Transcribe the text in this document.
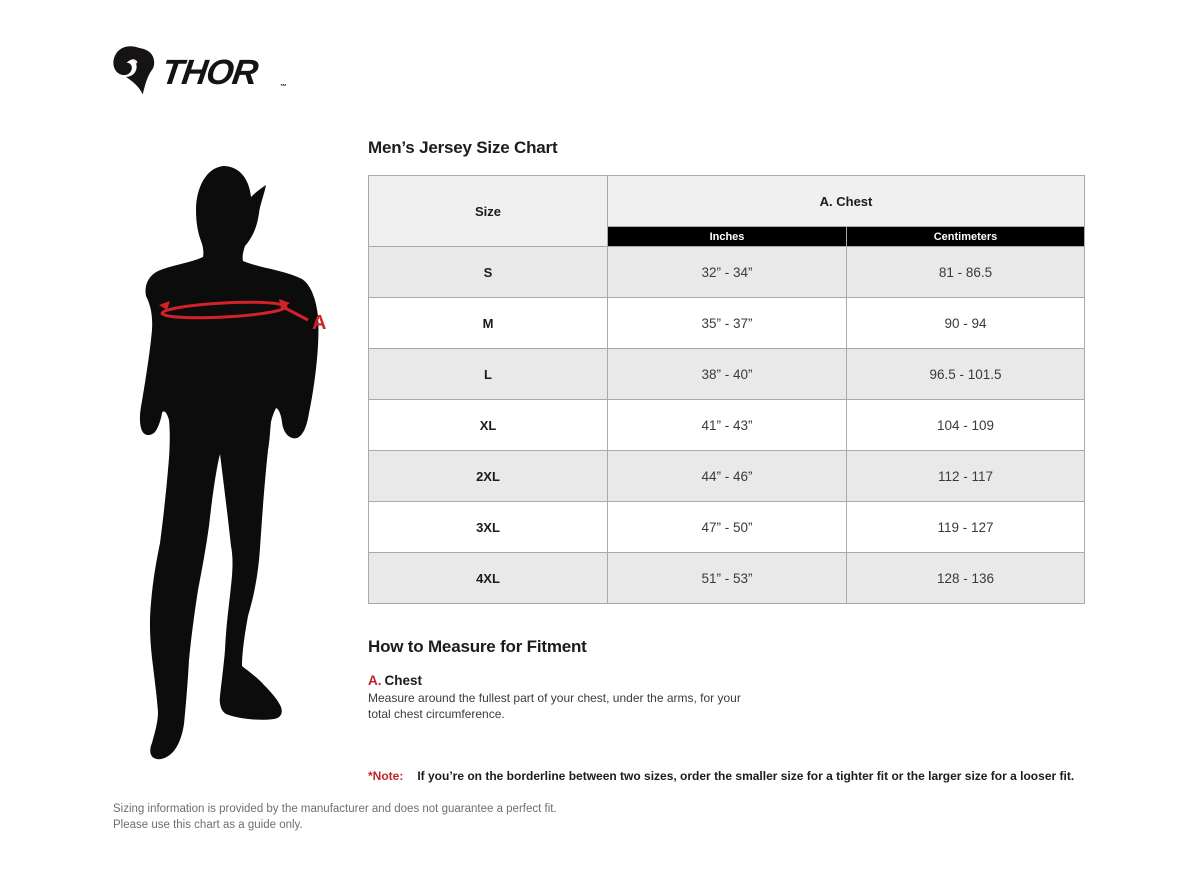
THOR ™
A
Men’s Jersey Size Chart
Size	A. Chest	
	Inches	Centimeters
S	32” - 34”	81 - 86.5
M	35” - 37”	90 - 94
L	38” - 40”	96.5 - 101.5
XL	41” - 43”	104 - 109
2XL	44” - 46”	112 - 117
3XL	47” - 50”	119 - 127
4XL	51” - 53”	128 - 136
How to Measure for Fitment
A. Chest
Measure around the fullest part of your chest, under the arms, for your total chest circumference.
*Note: If you’re on the borderline between two sizes, order the smaller size for a tighter fit or the larger size for a looser fit.
Sizing information is provided by the manufacturer and does not guarantee a perfect fit.
Please use this chart as a guide only.
